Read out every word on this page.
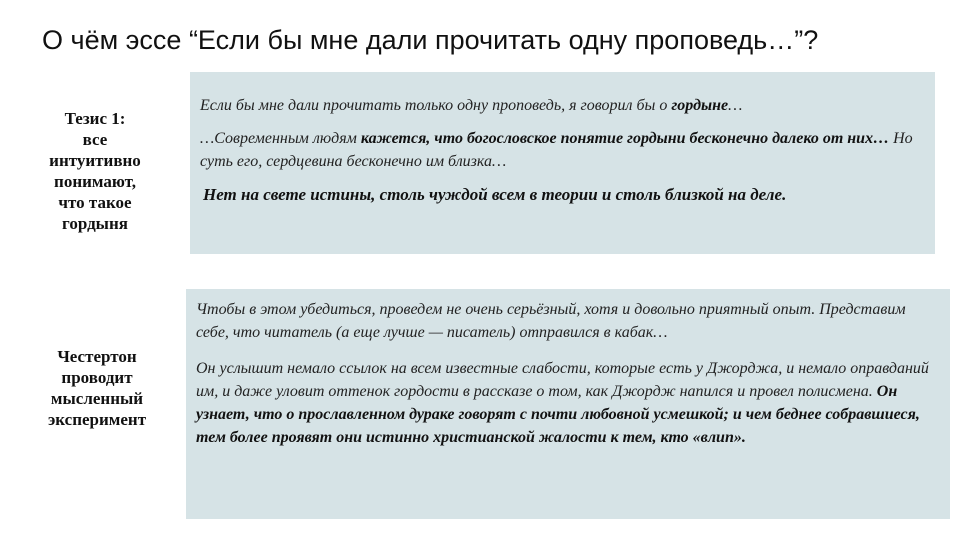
О чём эссе “Если бы мне дали прочитать одну проповедь…”?
Тезис 1:
все
интуитивно
понимают,
что такое
гордыня

Если бы мне дали прочитать только одну проповедь, я говорил бы о гордыне…

…Современным людям кажется, что богословское понятие гордыни бесконечно далеко от них… Но суть его, сердцевина бесконечно им близка…

Нет на свете истины, столь чуждой всем в теории и столь близкой на деле.

Честертон
проводит
мысленный
эксперимент

Чтобы в этом убедиться, проведем не очень серьёзный, хотя и довольно приятный опыт. Представим себе, что читатель (а еще лучше — писатель) отправился в кабак…

Он услышит немало ссылок на всем известные слабости, которые есть у Джорджа, и немало оправданий им, и даже уловит оттенок гордости в рассказе о том, как Джордж напился и провел полисмена. Он узнает, что о прославленном дураке говорят с почти любовной усмешкой; и чем беднее собравшиеся, тем более проявят они истинно христианской жалости к тем, кто «влип».
